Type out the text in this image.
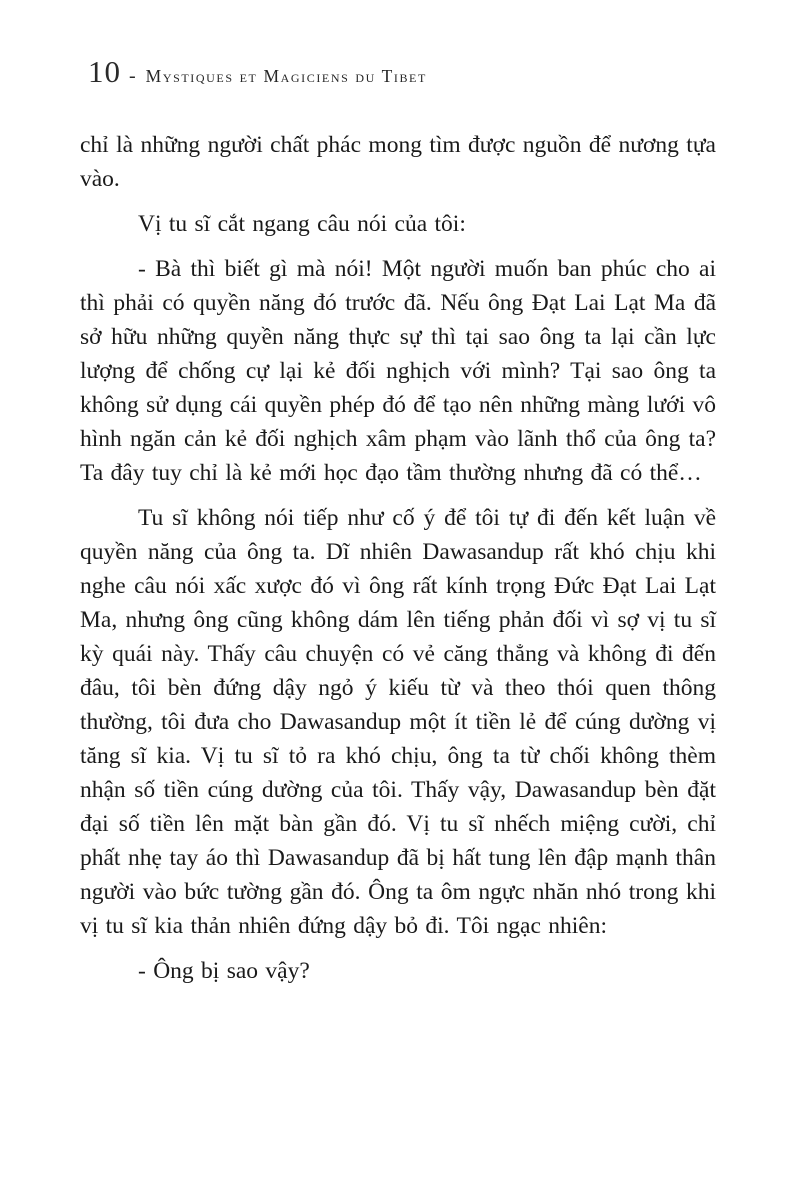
10 - Mystiques et Magiciens du Tibet

chỉ là những người chất phác mong tìm được nguồn để nương tựa vào.

Vị tu sĩ cắt ngang câu nói của tôi:

- Bà thì biết gì mà nói! Một người muốn ban phúc cho ai thì phải có quyền năng đó trước đã. Nếu ông Đạt Lai Lạt Ma đã sở hữu những quyền năng thực sự thì tại sao ông ta lại cần lực lượng để chống cự lại kẻ đối nghịch với mình? Tại sao ông ta không sử dụng cái quyền phép đó để tạo nên những màng lưới vô hình ngăn cản kẻ đối nghịch xâm phạm vào lãnh thổ của ông ta? Ta đây tuy chỉ là kẻ mới học đạo tầm thường nhưng đã có thể…

Tu sĩ không nói tiếp như cố ý để tôi tự đi đến kết luận về quyền năng của ông ta. Dĩ nhiên Dawasandup rất khó chịu khi nghe câu nói xấc xược đó vì ông rất kính trọng Đức Đạt Lai Lạt Ma, nhưng ông cũng không dám lên tiếng phản đối vì sợ vị tu sĩ kỳ quái này. Thấy câu chuyện có vẻ căng thẳng và không đi đến đâu, tôi bèn đứng dậy ngỏ ý kiếu từ và theo thói quen thông thường, tôi đưa cho Dawasandup một ít tiền lẻ để cúng dường vị tăng sĩ kia. Vị tu sĩ tỏ ra khó chịu, ông ta từ chối không thèm nhận số tiền cúng dường của tôi. Thấy vậy, Dawasandup bèn đặt đại số tiền lên mặt bàn gần đó. Vị tu sĩ nhếch miệng cười, chỉ phất nhẹ tay áo thì Dawasandup đã bị hất tung lên đập mạnh thân người vào bức tường gần đó. Ông ta ôm ngực nhăn nhó trong khi vị tu sĩ kia thản nhiên đứng dậy bỏ đi. Tôi ngạc nhiên:

- Ông bị sao vậy?
